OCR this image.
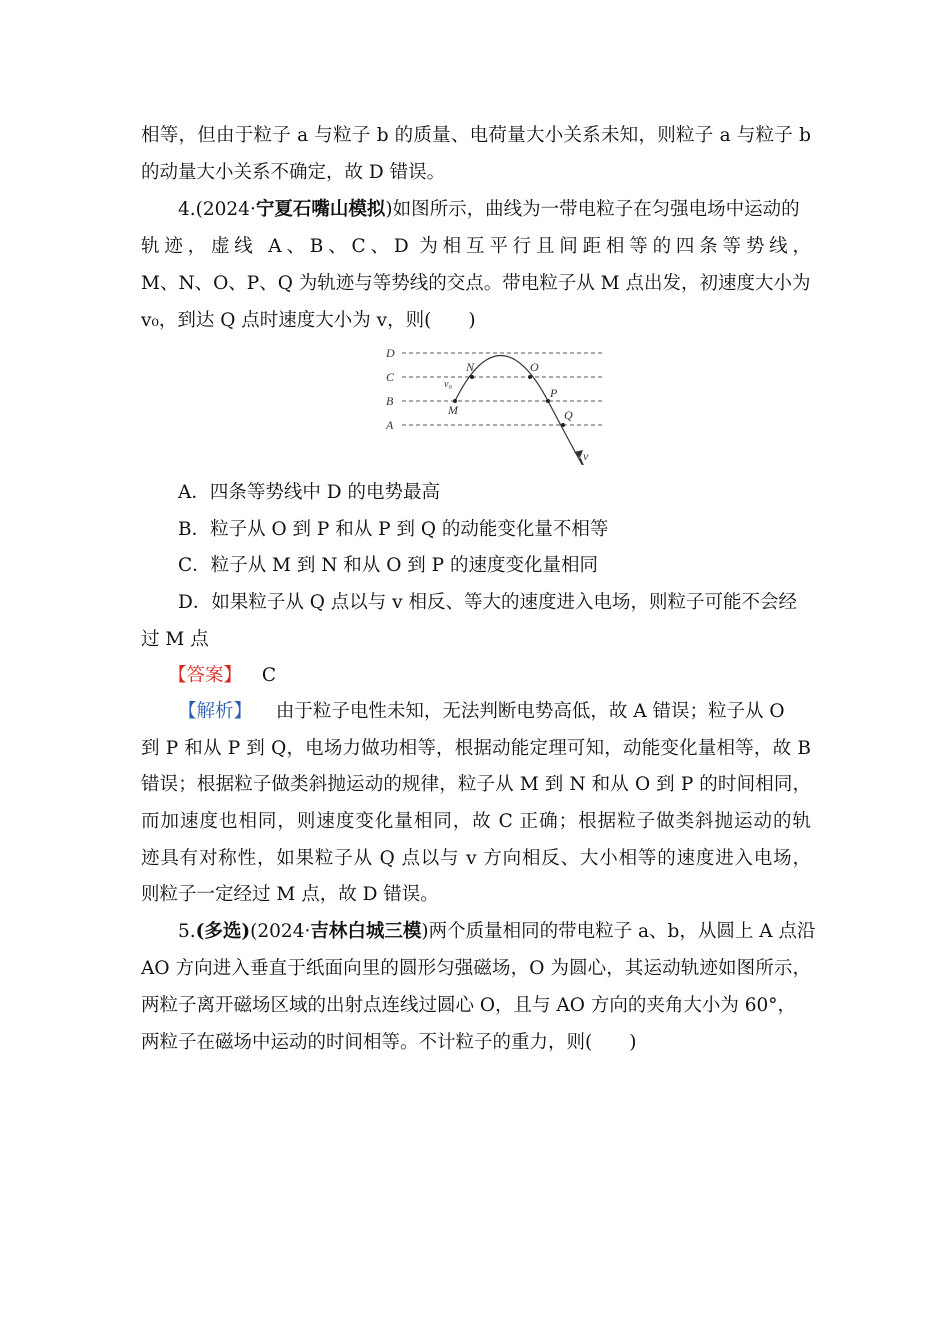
相等，但由于粒子 a 与粒子 b 的质量、电荷量大小关系未知，则粒子 a 与粒子 b
的动量大小关系不确定，故 D 错误。
4.(2024·宁夏石嘴山模拟)如图所示，曲线为一带电粒子在匀强电场中运动的
轨迹，虚线 A、B、C、D 为相互平行且间距相等的四条等势线，
M、N、O、P、Q 为轨迹与等势线的交点。带电粒子从 M 点出发，初速度大小为
v₀，到达 Q 点时速度大小为 v，则(　　)
D
C
B
A
N	O
M
P
Q
v₀
v
A．四条等势线中 D 的电势最高
B．粒子从 O 到 P 和从 P 到 Q 的动能变化量不相等
C．粒子从 M 到 N 和从 O 到 P 的速度变化量相同
D．如果粒子从 Q 点以与 v 相反、等大的速度进入电场，则粒子可能不会经
过 M 点
【答案】 C
【解析】 由于粒子电性未知，无法判断电势高低，故 A 错误；粒子从 O
到 P 和从 P 到 Q，电场力做功相等，根据动能定理可知，动能变化量相等，故 B
错误；根据粒子做类斜抛运动的规律，粒子从 M 到 N 和从 O 到 P 的时间相同，
而加速度也相同，则速度变化量相同，故 C 正确；根据粒子做类斜抛运动的轨
迹具有对称性，如果粒子从 Q 点以与 v 方向相反、大小相等的速度进入电场，
则粒子一定经过 M 点，故 D 错误。
5.(多选)(2024·吉林白城三模)两个质量相同的带电粒子 a、b，从圆上 A 点沿
AO 方向进入垂直于纸面向里的圆形匀强磁场，O 为圆心，其运动轨迹如图所示，
两粒子离开磁场区域的出射点连线过圆心 O，且与 AO 方向的夹角大小为 60°，
两粒子在磁场中运动的时间相等。不计粒子的重力，则(　　)
